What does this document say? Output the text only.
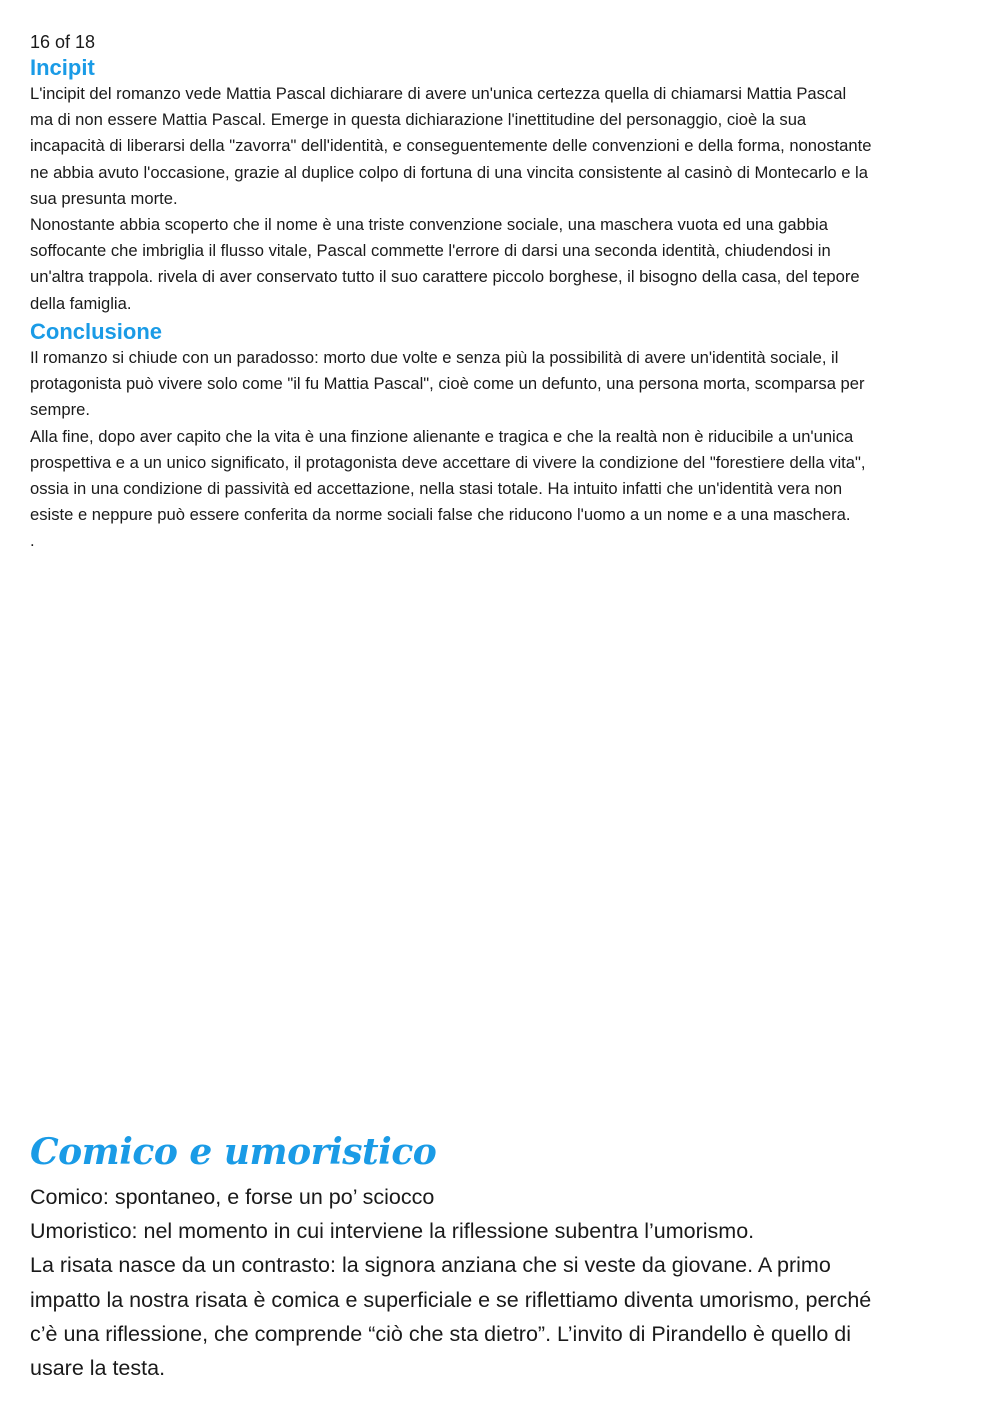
16 of 18
Incipit

L'incipit del romanzo vede Mattia Pascal dichiarare di avere un'unica certezza quella di chiamarsi Mattia Pascal
ma di non essere Mattia Pascal. Emerge in questa dichiarazione l'inettitudine del personaggio, cioè la sua
incapacità di liberarsi della "zavorra" dell'identità, e conseguentemente delle convenzioni e della forma, nonostante
ne abbia avuto l'occasione, grazie al duplice colpo di fortuna di una vincita consistente al casinò di Montecarlo e la
sua presunta morte.

Nonostante abbia scoperto che il nome è una triste convenzione sociale, una maschera vuota ed una gabbia
soffocante che imbriglia il flusso vitale, Pascal commette l'errore di darsi una seconda identità, chiudendosi in
un'altra trappola. rivela di aver conservato tutto il suo carattere piccolo borghese, il bisogno della casa, del tepore
della famiglia.

Conclusione

Il romanzo si chiude con un paradosso: morto due volte e senza più la possibilità di avere un'identità sociale, il
protagonista può vivere solo come "il fu Mattia Pascal", cioè come un defunto, una persona morta, scomparsa per
sempre.

Alla fine, dopo aver capito che la vita è una finzione alienante e tragica e che la realtà non è riducibile a un'unica
prospettiva e a un unico significato, il protagonista deve accettare di vivere la condizione del "forestiere della vita",
ossia in una condizione di passività ed accettazione, nella stasi totale. Ha intuito infatti che un'identità vera non
esiste e neppure può essere conferita da norme sociali false che riducono l'uomo a un nome e a una maschera.

.

Comico e umoristico

Comico: spontaneo, e forse un po’ sciocco

Umoristico: nel momento in cui interviene la riflessione subentra l’umorismo.

La risata nasce da un contrasto: la signora anziana che si veste da giovane. A primo
impatto la nostra risata è comica e superficiale e se riflettiamo diventa umorismo, perché
c’è una riflessione, che comprende “ciò che sta dietro”. L’invito di Pirandello è quello di
usare la testa.
